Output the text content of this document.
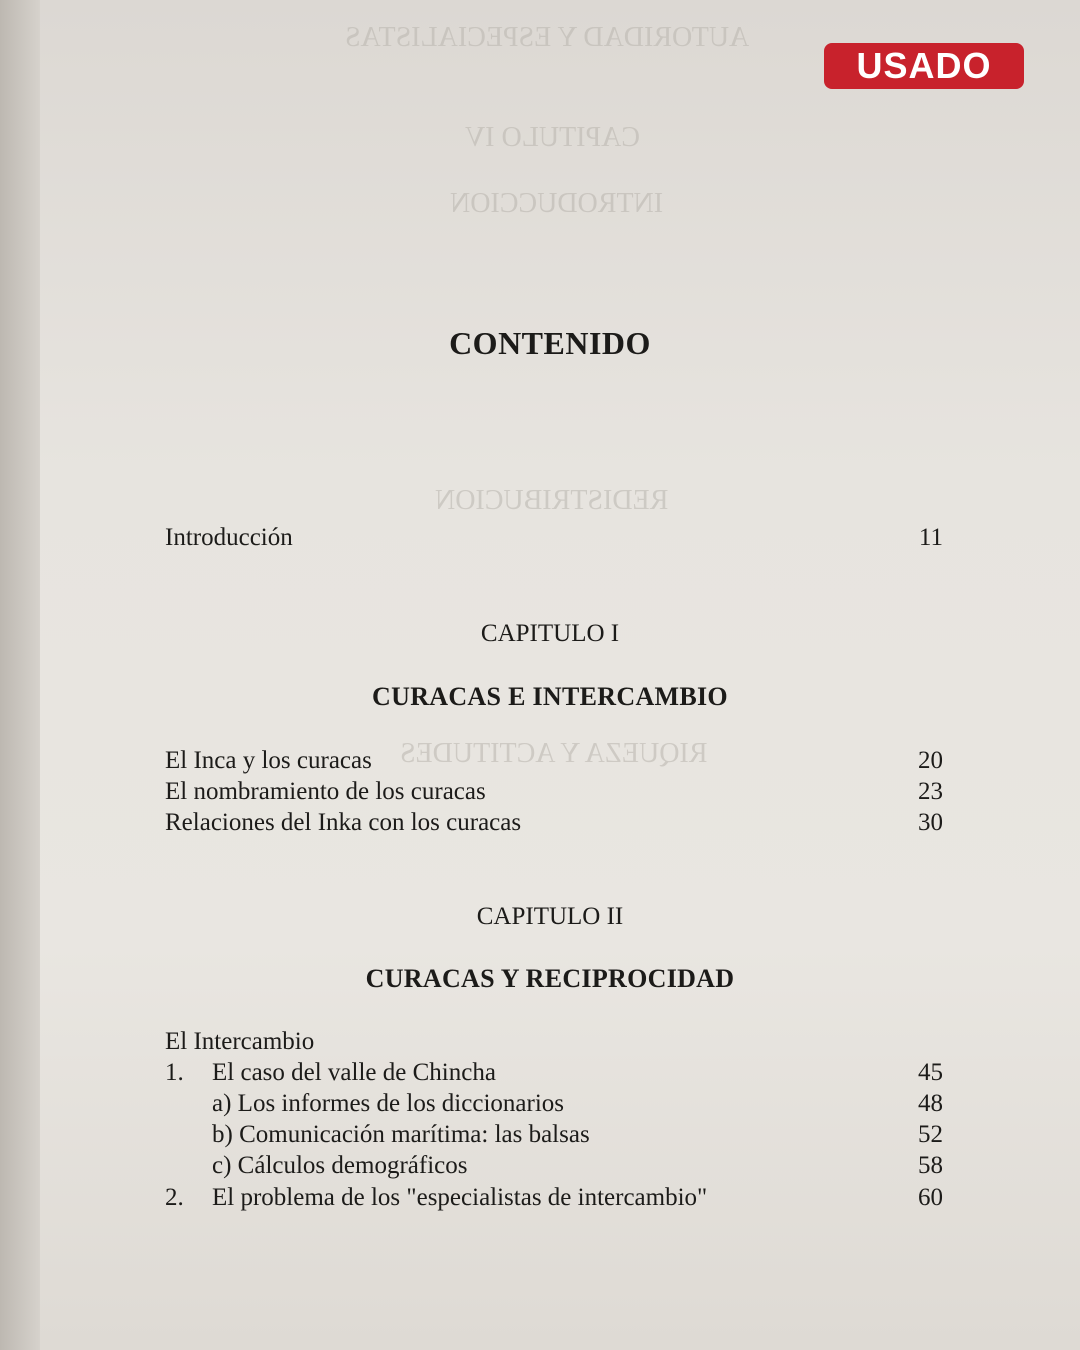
AUTORIDAD Y ESPECIALISTAS
CAPITULO IV
INTRODUCCION
REDISTRIBUCION
RIQUEZA Y ACTITUDES
USADO
CONTENIDO
Introducción	11
CAPITULO I
CURACAS E INTERCAMBIO
El Inca y los curacas	20
El nombramiento de los curacas	23
Relaciones del Inka con los curacas	30
CAPITULO II
CURACAS Y RECIPROCIDAD
El Intercambio
1. El caso del valle de Chincha	45
a) Los informes de los diccionarios	48
b) Comunicación marítima: las balsas	52
c) Cálculos demográficos	58
2. El problema de los "especialistas de intercambio"	60
